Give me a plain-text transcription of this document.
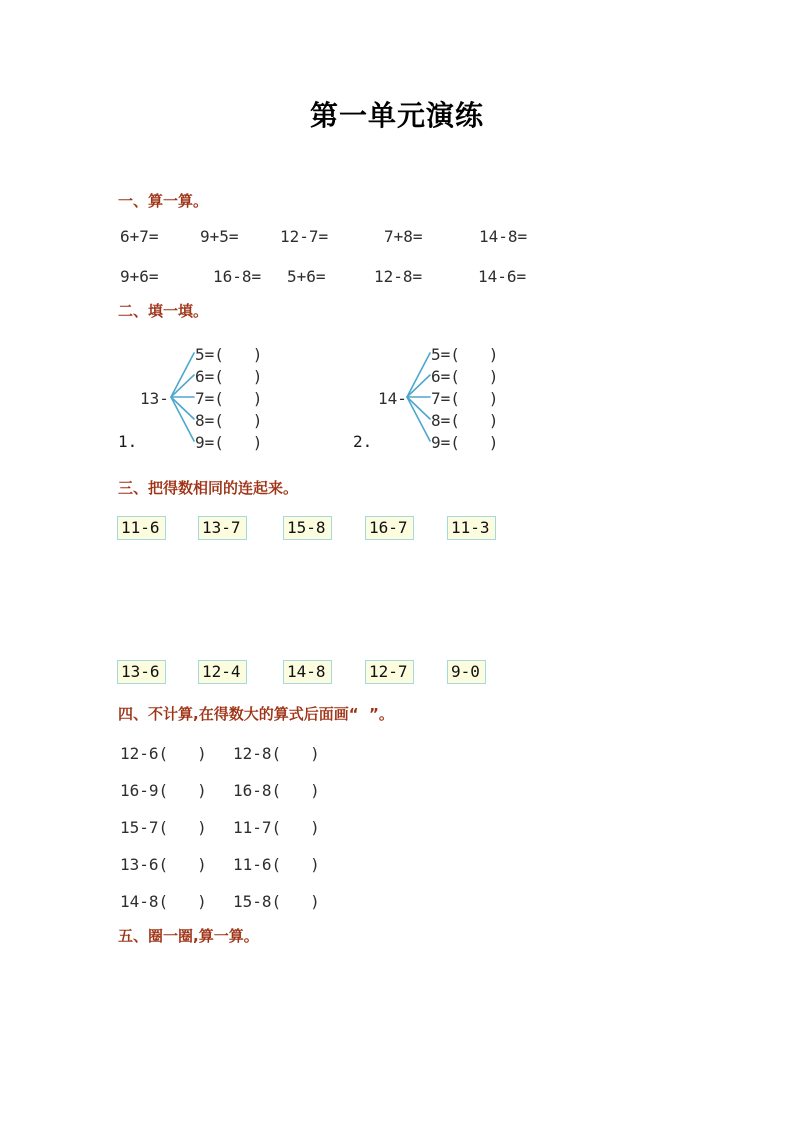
第一单元演练
一、算一算。
6+7=	9+5=	12-7=	7+8=	14-8=
9+6=	16-8= 5+6=	12-8=	14-6=
二、填一填。
13-
5=(   )
6=(   )
7=(   )
8=(   )
9=(   )
1.
14-
5=(   )
6=(   )
7=(   )
8=(   )
9=(   )
2.
三、把得数相同的连起来。
11-6	13-7	15-8	16-7	11-3
13-6	12-4	14-8	12-7	9-0
四、不计算,在得数大的算式后面画“  ”。
12-6(   ) 12-8(   )
16-9(   ) 16-8(   )
15-7(   ) 11-7(   )
13-6(   ) 11-6(   )
14-8(   ) 15-8(   )
五、圈一圈,算一算。
